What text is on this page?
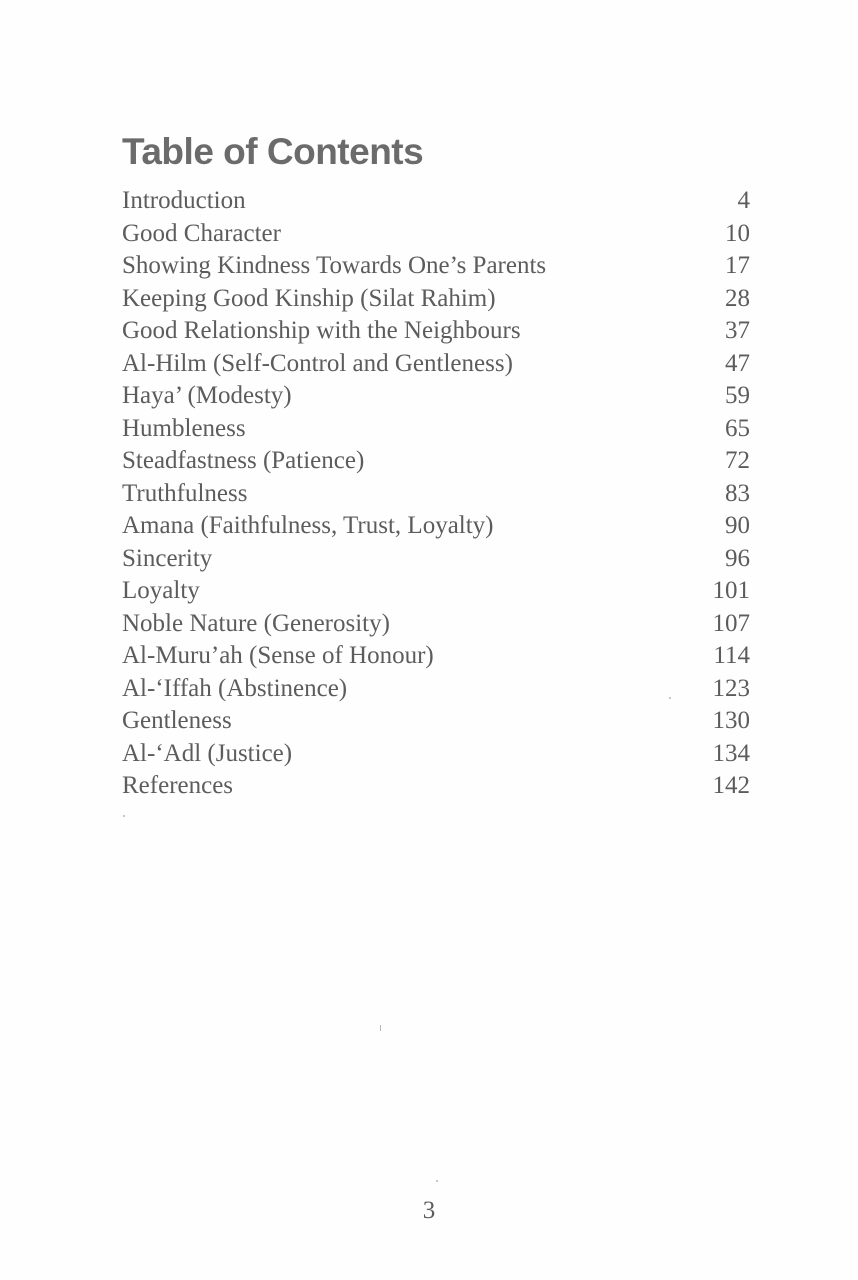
Table of Contents
Introduction	4
Good Character	10
Showing Kindness Towards One’s Parents	17
Keeping Good Kinship (Silat Rahim)	28
Good Relationship with the Neighbours	37
Al-Hilm (Self-Control and Gentleness)	47
Haya’ (Modesty)	59
Humbleness	65
Steadfastness (Patience)	72
Truthfulness	83
Amana (Faithfulness, Trust, Loyalty)	90
Sincerity	96
Loyalty	101
Noble Nature (Generosity)	107
Al-Muru’ah (Sense of Honour)	114
Al-‘Iffah (Abstinence)	123
Gentleness	130
Al-‘Adl (Justice)	134
References	142
3
